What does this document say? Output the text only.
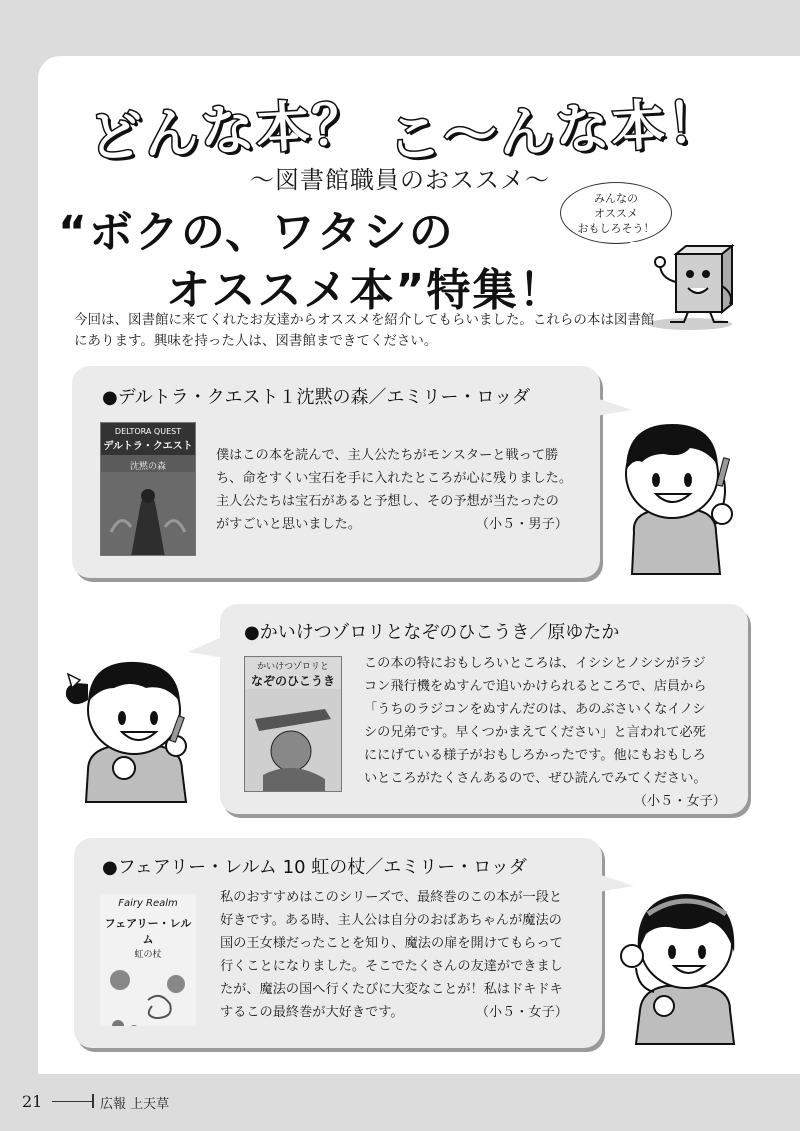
どんな本？ こ〜んな本！
〜図書館職員のおススメ〜
“ボクの、ワタシの
オススメ本”特集！
みんなの
オススメ
おもしろそう！
今回は、図書館に来てくれたお友達からオススメを紹介してもらいました。これらの本は図書館にあります。興味を持った人は、図書館まできてください。
●デルトラ・クエスト１沈黙の森／エミリー・ロッダ
DELTORA QUEST
デルトラ・クエスト
沈黙の森

僕はこの本を読んで、主人公たちがモンスターと戦って勝

ち、命をすくい宝石を手に入れたところが心に残りました。

主人公たちは宝石があると予想し、その予想が当たったの

がすごいと思いました。	（小５・男子）

●かいけつゾロリとなぞのひこうき／原ゆたか
かいけつゾロリと
なぞのひこうき

この本の特におもしろいところは、イシシとノシシがラジ

コン飛行機をぬすんで追いかけられるところで、店員から

「うちのラジコンをぬすんだのは、あのぶさいくなイノシ

シの兄弟です。早くつかまえてください」と言われて必死

ににげている様子がおもしろかったです。他にもおもしろ

いところがたくさんあるので、ぜひ読んでみてください。

（小５・女子）

●フェアリー・レルム 10 虹の杖／エミリー・ロッダ
Fairy Realm
フェアリー・レルム
虹の杖

私のおすすめはこのシリーズで、最終巻のこの本が一段と

好きです。ある時、主人公は自分のおばあちゃんが魔法の

国の王女様だったことを知り、魔法の扉を開けてもらって

行くことになりました。そこでたくさんの友達ができまし

たが、魔法の国へ行くたびに大変なことが！私はドキドキ

するこの最終巻が大好きです。	（小５・女子）

21	広報 上天草
